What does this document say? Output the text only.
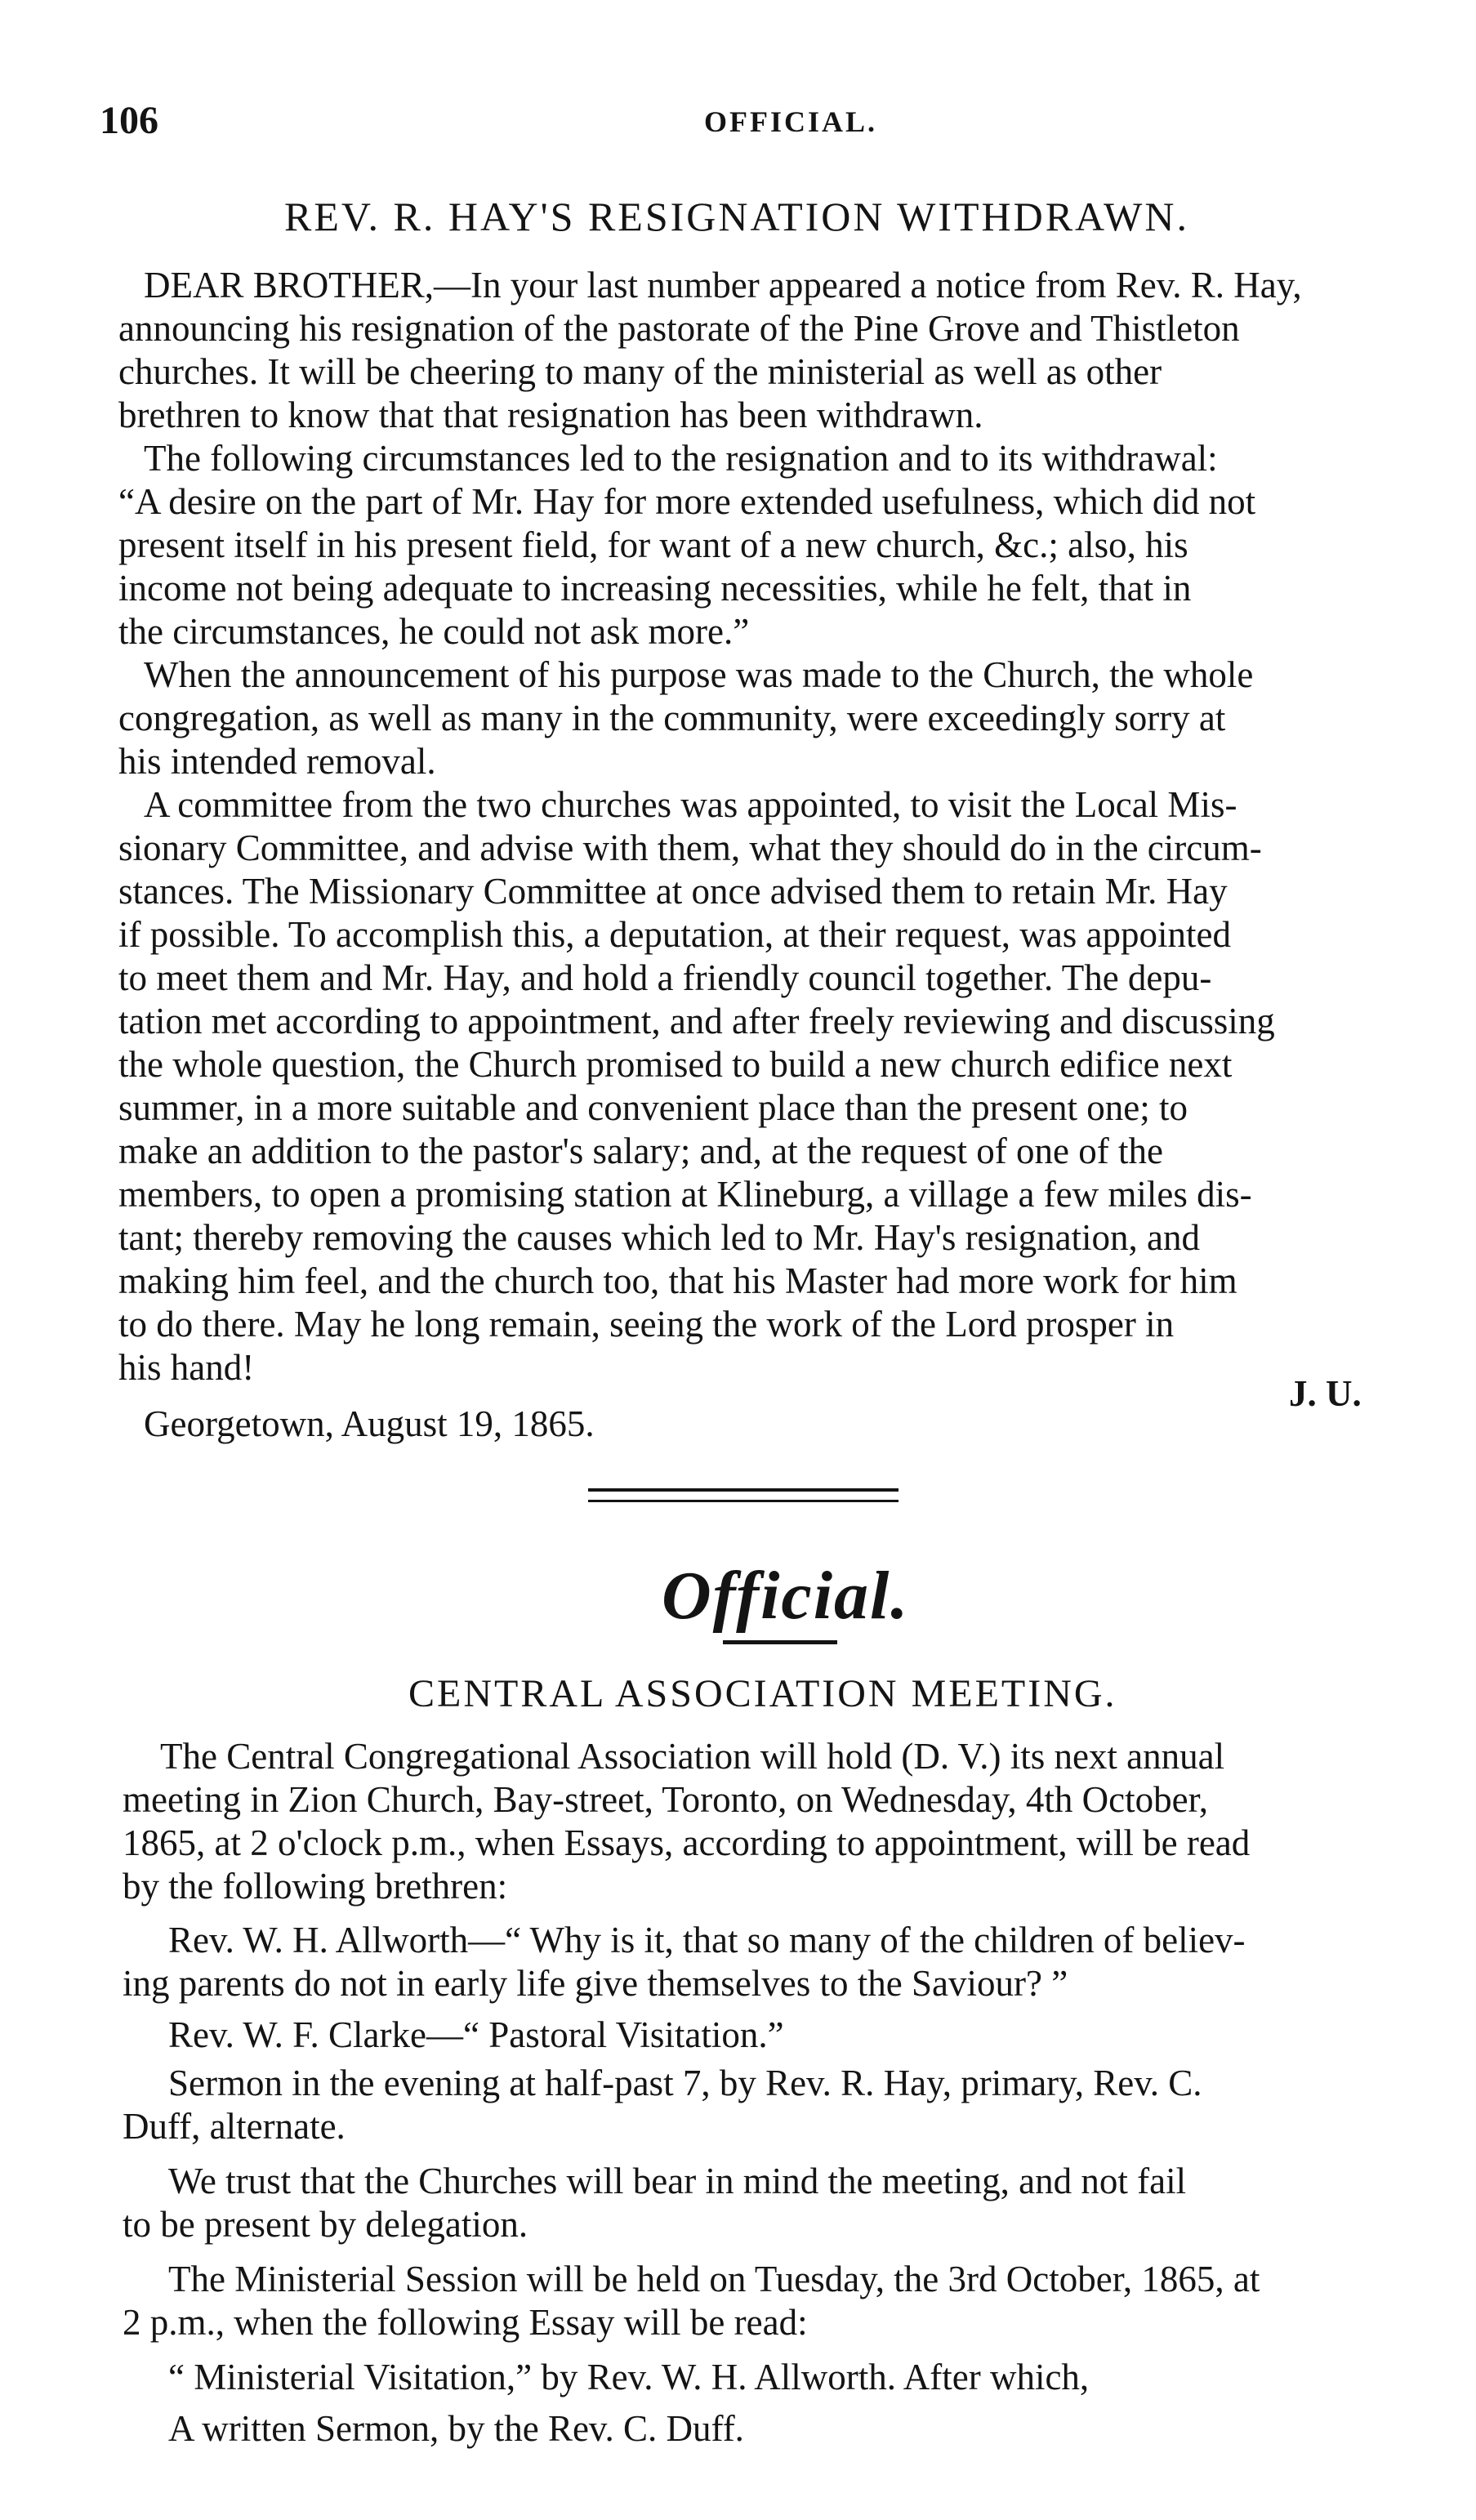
106	OFFICIAL.
REV. R. HAY'S RESIGNATION WITHDRAWN.
DEAR BROTHER,—In your last number appeared a notice from Rev. R. Hay,
announcing his resignation of the pastorate of the Pine Grove and Thistleton
churches. It will be cheering to many of the ministerial as well as other
brethren to know that that resignation has been withdrawn.
The following circumstances led to the resignation and to its withdrawal:
“A desire on the part of Mr. Hay for more extended usefulness, which did not
present itself in his present field, for want of a new church, &c.; also, his
income not being adequate to increasing necessities, while he felt, that in
the circumstances, he could not ask more.”
When the announcement of his purpose was made to the Church, the whole
congregation, as well as many in the community, were exceedingly sorry at
his intended removal.
A committee from the two churches was appointed, to visit the Local Mis-
sionary Committee, and advise with them, what they should do in the circum-
stances. The Missionary Committee at once advised them to retain Mr. Hay
if possible. To accomplish this, a deputation, at their request, was appointed
to meet them and Mr. Hay, and hold a friendly council together. The depu-
tation met according to appointment, and after freely reviewing and discussing
the whole question, the Church promised to build a new church edifice next
summer, in a more suitable and convenient place than the present one; to
make an addition to the pastor's salary; and, at the request of one of the
members, to open a promising station at Klineburg, a village a few miles dis-
tant; thereby removing the causes which led to Mr. Hay's resignation, and
making him feel, and the church too, that his Master had more work for him
to do there. May he long remain, seeing the work of the Lord prosper in
his hand!
J. U.
Georgetown, August 19, 1865.
Official.
CENTRAL ASSOCIATION MEETING.
The Central Congregational Association will hold (D. V.) its next annual
meeting in Zion Church, Bay-street, Toronto, on Wednesday, 4th October,
1865, at 2 o'clock p.m., when Essays, according to appointment, will be read
by the following brethren:
Rev. W. H. Allworth—“ Why is it, that so many of the children of believ-
ing parents do not in early life give themselves to the Saviour? ”
Rev. W. F. Clarke—“ Pastoral Visitation.”
Sermon in the evening at half-past 7, by Rev. R. Hay, primary, Rev. C.
Duff, alternate.
We trust that the Churches will bear in mind the meeting, and not fail
to be present by delegation.
The Ministerial Session will be held on Tuesday, the 3rd October, 1865, at
2 p.m., when the following Essay will be read:
“ Ministerial Visitation,” by Rev. W. H. Allworth. After which,
A written Sermon, by the Rev. C. Duff.
